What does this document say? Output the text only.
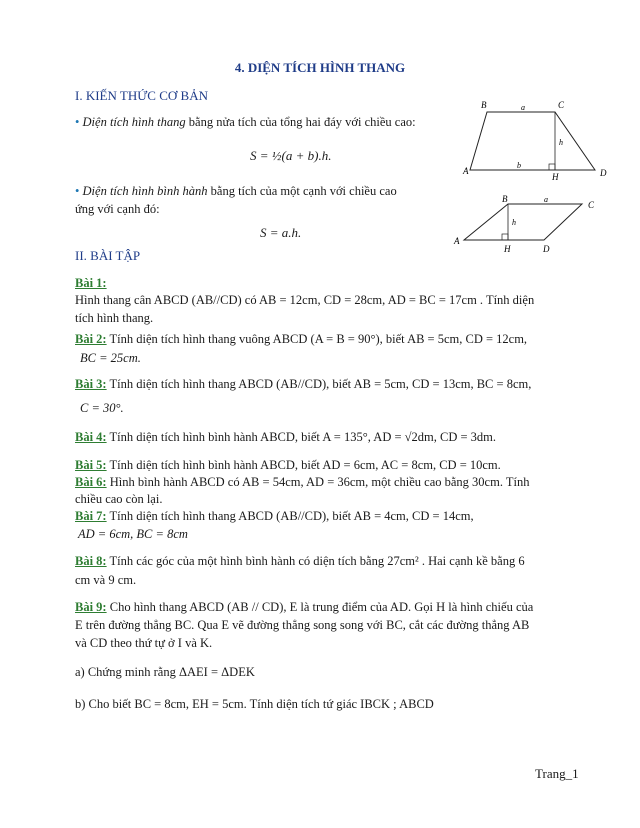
4. DIỆN TÍCH HÌNH THANG
I. KIẾN THỨC CƠ BẢN
• Diện tích hình thang bằng nửa tích của tổng hai đáy với chiều cao:
S = ½(a + b).h.
• Diện tích hình bình hành bằng tích của một cạnh với chiều cao
ứng với cạnh đó:
S = a.h.
II. BÀI TẬP
B	a	C
h
A
b
H	D
B	a
C
h
A
H	D
Bài 1:
Hình thang cân ABCD (AB//CD) có AB = 12cm, CD = 28cm, AD = BC = 17cm . Tính diện
tích hình thang.
Bài 2: Tính diện tích hình thang vuông ABCD (A = B = 90°), biết AB = 5cm, CD = 12cm,
BC = 25cm.
Bài 3: Tính diện tích hình thang ABCD (AB//CD), biết AB = 5cm, CD = 13cm, BC = 8cm,
C = 30°.
Bài 4: Tính diện tích hình bình hành ABCD, biết A = 135°, AD = √2dm, CD = 3dm.
Bài 5: Tính diện tích hình bình hành ABCD, biết AD = 6cm, AC = 8cm, CD = 10cm.
Bài 6: Hình bình hành ABCD có AB = 54cm, AD = 36cm, một chiều cao bằng 30cm. Tính
chiều cao còn lại.
Bài 7: Tính diện tích hình thang ABCD (AB//CD), biết AB = 4cm, CD = 14cm,
AD = 6cm, BC = 8cm
Bài 8: Tính các góc của một hình bình hành có diện tích bằng 27cm² . Hai cạnh kề bằng 6
cm và 9 cm.
Bài 9: Cho hình thang ABCD (AB // CD), E là trung điểm của AD. Gọi H là hình chiếu của
E trên đường thẳng BC. Qua E vẽ đường thẳng song song với BC, cắt các đường thẳng AB
và CD theo thứ tự ở I và K.
a) Chứng minh rằng ΔAEI = ΔDEK
b) Cho biết BC = 8cm, EH = 5cm. Tính diện tích tứ giác IBCK ; ABCD
Trang_1
